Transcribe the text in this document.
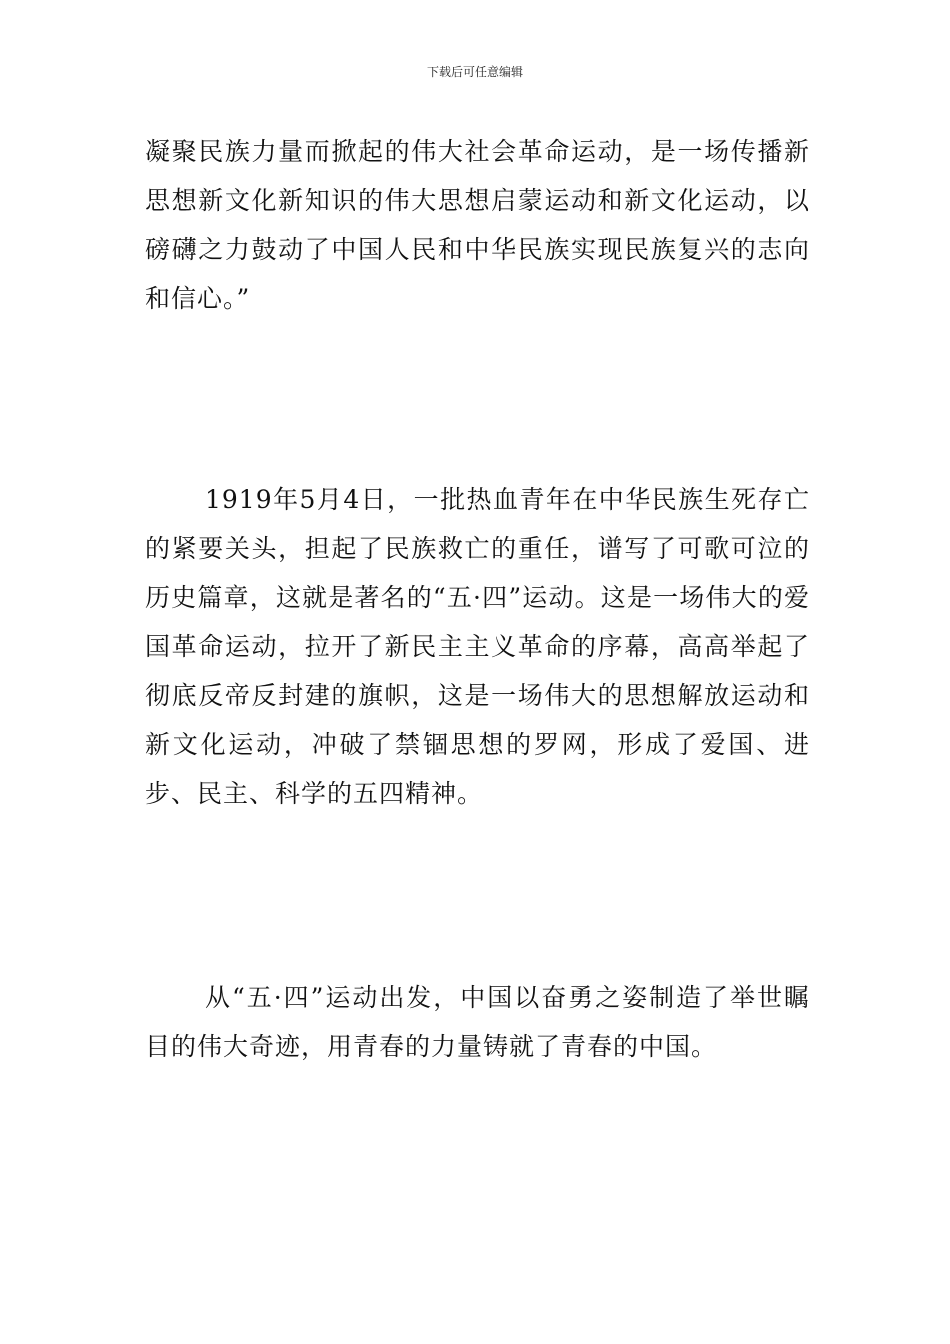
下载后可任意编辑

凝聚民族力量而掀起的伟大社会革命运动，是一场传播新思想新文化新知识的伟大思想启蒙运动和新文化运动，以磅礴之力鼓动了中国人民和中华民族实现民族复兴的志向和信心。”

1919年5月4日，一批热血青年在中华民族生死存亡的紧要关头，担起了民族救亡的重任，谱写了可歌可泣的历史篇章，这就是著名的“五·四”运动。这是一场伟大的爱国革命运动，拉开了新民主主义革命的序幕，高高举起了彻底反帝反封建的旗帜，这是一场伟大的思想解放运动和新文化运动，冲破了禁锢思想的罗网，形成了爱国、进步、民主、科学的五四精神。

从“五·四”运动出发，中国以奋勇之姿制造了举世瞩目的伟大奇迹，用青春的力量铸就了青春的中国。
